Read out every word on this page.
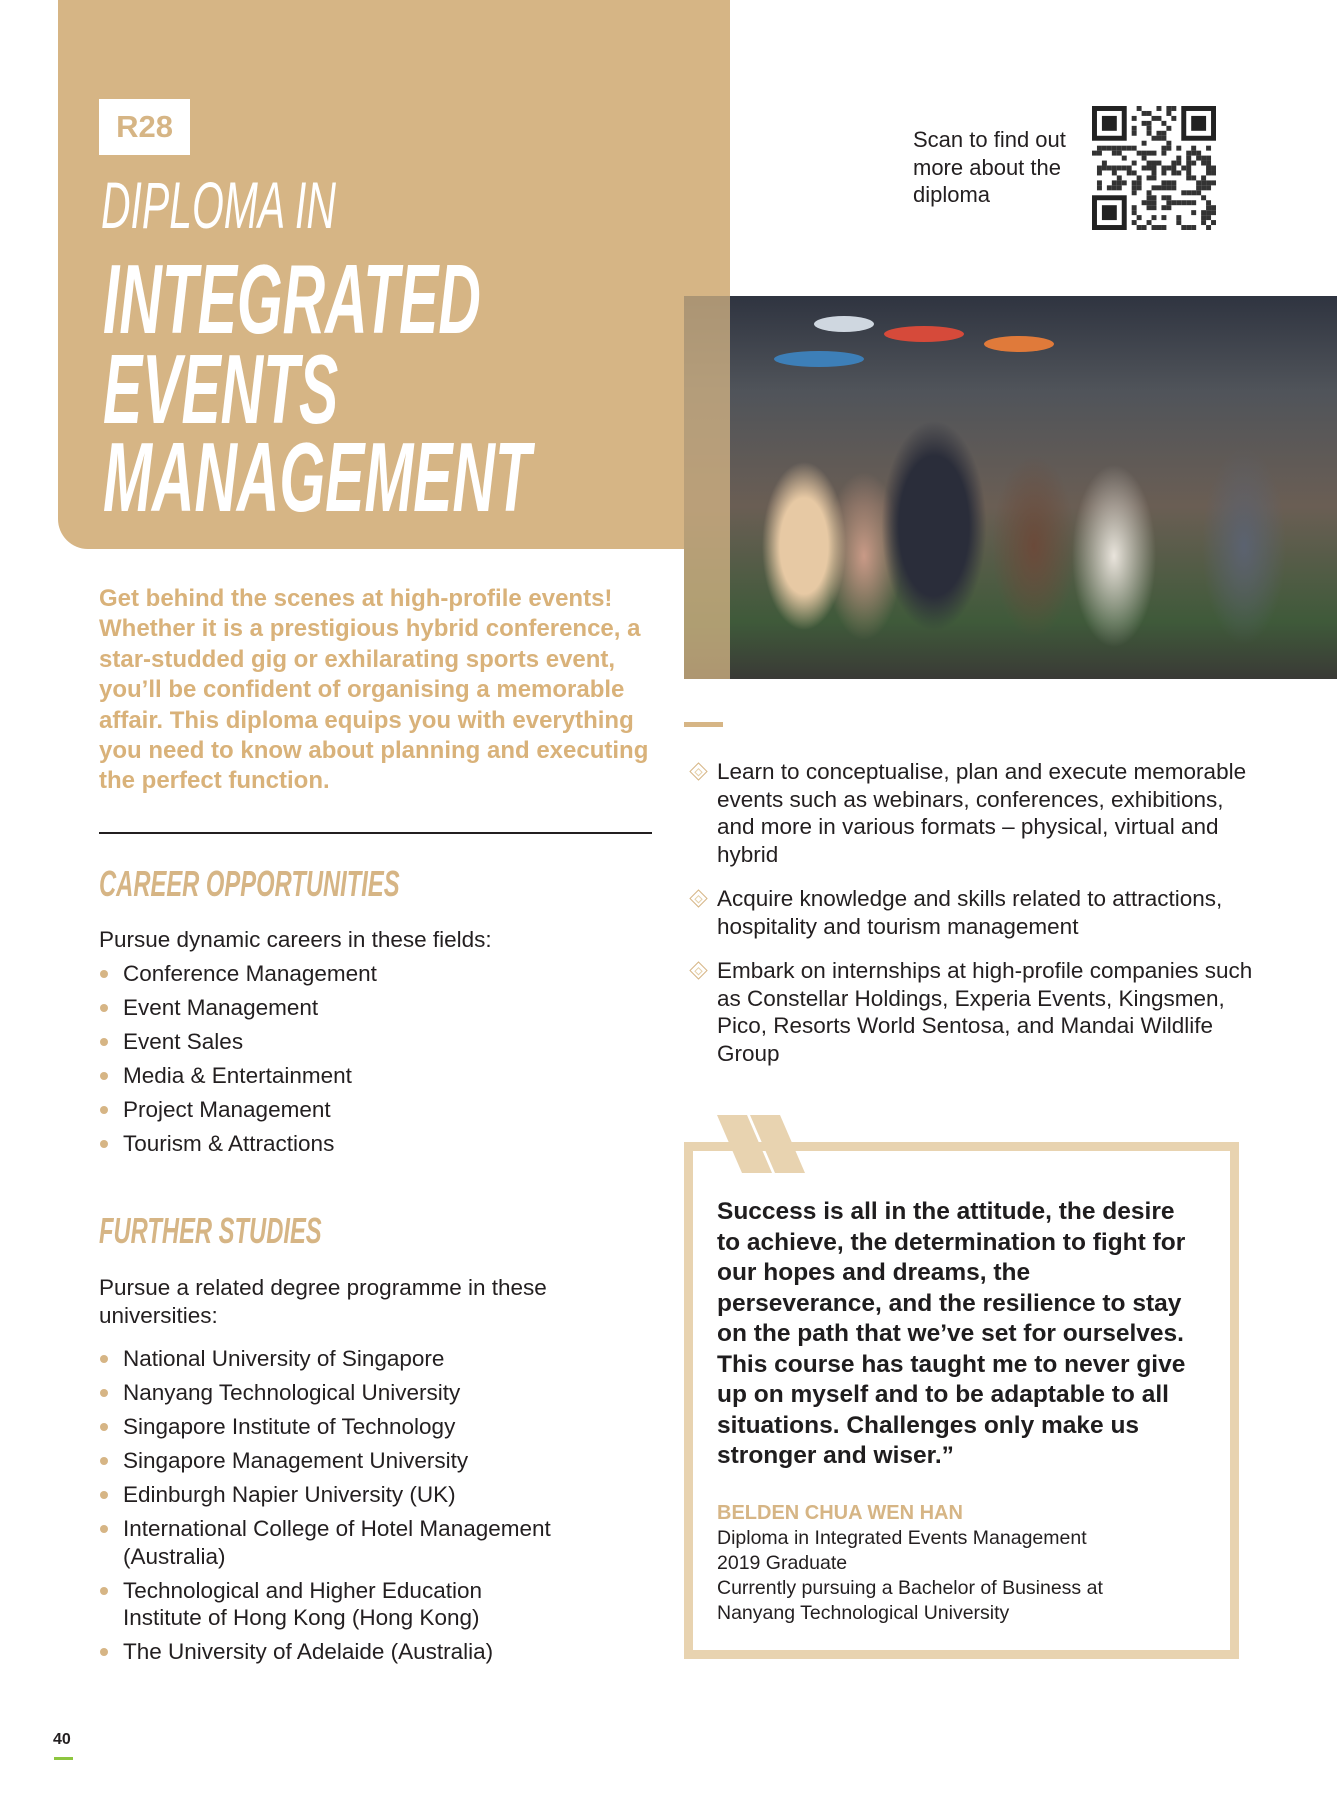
R28
DIPLOMA IN
INTEGRATED
EVENTS
MANAGEMENT
Scan to find out more about the diploma
Get behind the scenes at high-profile events! Whether it is a prestigious hybrid conference, a star-studded gig or exhilarating sports event, you’ll be confident of organising a memorable affair. This diploma equips you with everything you need to know about planning and executing the perfect function.
CAREER OPPORTUNITIES
Pursue dynamic careers in these fields:
Conference Management
Event Management
Event Sales
Media & Entertainment
Project Management
Tourism & Attractions
FURTHER STUDIES
Pursue a related degree programme in these universities:
National University of Singapore
Nanyang Technological University
Singapore Institute of Technology
Singapore Management University
Edinburgh Napier University (UK)
International College of Hotel Management (Australia)
Technological and Higher Education Institute of Hong Kong (Hong Kong)
The University of Adelaide (Australia)
Learn to conceptualise, plan and execute memorable events such as webinars, conferences, exhibitions, and more in various formats – physical, virtual and hybrid
Acquire knowledge and skills related to attractions, hospitality and tourism management
Embark on internships at high-profile companies such as Constellar Holdings, Experia Events, Kingsmen, Pico, Resorts World Sentosa, and Mandai Wildlife Group
Success is all in the attitude, the desire to achieve, the determination to fight for our hopes and dreams, the perseverance, and the resilience to stay on the path that we’ve set for ourselves. This course has taught me to never give up on myself and to be adaptable to all situations. Challenges only make us stronger and wiser.”
BELDEN CHUA WEN HAN
Diploma in Integrated Events Management
2019 Graduate
Currently pursuing a Bachelor of Business at Nanyang Technological University
40
